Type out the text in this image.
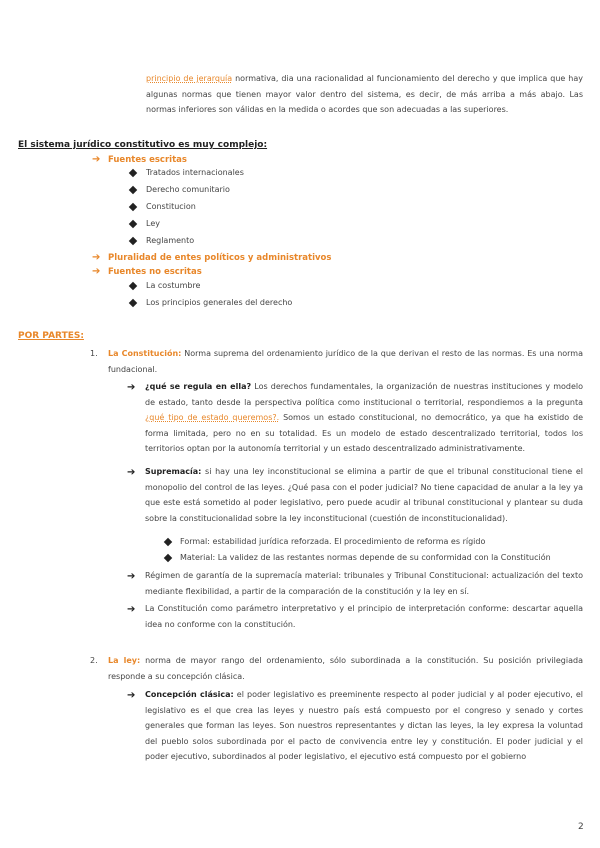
principio de jerarquía normativa, dia una racionalidad al funcionamiento del derecho y que implica que hay algunas normas que tienen mayor valor dentro del sistema, es decir, de más arriba a más abajo. Las normas inferiores son válidas en la medida o acordes que son adecuadas a las superiores.
El sistema jurídico constitutivo es muy complejo:
➔ Fuentes escritas
Tratados internacionales
Derecho comunitario
Constitucion
Ley
Reglamento
➔ Pluralidad de entes políticos y administrativos
➔ Fuentes no escritas
La costumbre
Los principios generales del derecho
POR PARTES:
1. La Constitución: Norma suprema del ordenamiento jurídico de la que derivan el resto de las normas. Es una norma fundacional.
➔ ¿qué se regula en ella? Los derechos fundamentales, la organización de nuestras instituciones y modelo de estado, tanto desde la perspectiva política como institucional o territorial, respondiemos a la pregunta ¿qué tipo de estado queremos?. Somos un estado constitucional, no democrático, ya que ha existido de forma limitada, pero no en su totalidad. Es un modelo de estado descentralizado territorial, todos los territorios optan por la autonomía territorial y un estado descentralizado administrativamente.
➔ Supremacía: si hay una ley inconstitucional se elimina a partir de que el tribunal constitucional tiene el monopolio del control de las leyes. ¿Qué pasa con el poder judicial? No tiene capacidad de anular a la ley ya que este está sometido al poder legislativo, pero puede acudir al tribunal constitucional y plantear su duda sobre la constitucionalidad sobre la ley inconstitucional (cuestión de inconstitucionalidad).
Formal: estabilidad jurídica reforzada. El procedimiento de reforma es rígido
Material: La validez de las restantes normas depende de su conformidad con la Constitución
➔ Régimen de garantía de la supremacía material: tribunales y Tribunal Constitucional: actualización del texto mediante flexibilidad, a partir de la comparación de la constitución y la ley en sí.
➔ La Constitución como parámetro interpretativo y el principio de interpretación conforme: descartar aquella idea no conforme con la constitución.
2. La ley: norma de mayor rango del ordenamiento, sólo subordinada a la constitución. Su posición privilegiada responde a su concepción clásica.
➔ Concepción clásica: el poder legislativo es preeminente respecto al poder judicial y al poder ejecutivo, el legislativo es el que crea las leyes y nuestro país está compuesto por el congreso y senado y cortes generales que forman las leyes. Son nuestros representantes y dictan las leyes, la ley expresa la voluntad del pueblo solos subordinada por el pacto de convivencia entre ley y constitución. El poder judicial y el poder ejecutivo, subordinados al poder legislativo, el ejecutivo está compuesto por el gobierno
2
